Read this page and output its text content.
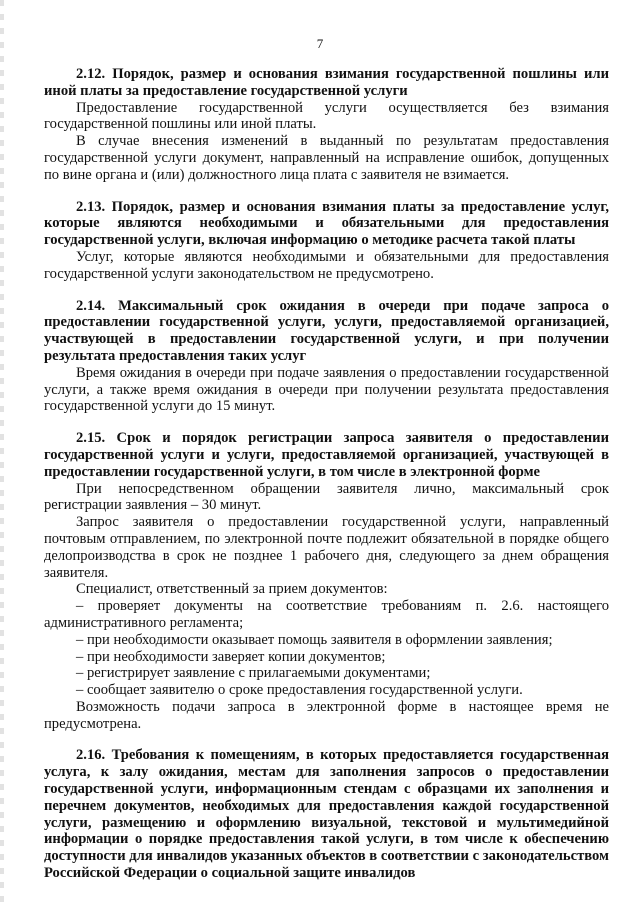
7

2.12. Порядок, размер и основания взимания государственной пошлины или иной платы за предоставление государственной услуги

Предоставление государственной услуги осуществляется без взимания государственной пошлины или иной платы.

В случае внесения изменений в выданный по результатам предоставления государственной услуги документ, направленный на исправление ошибок, допущенных по вине органа и (или) должностного лица плата с заявителя не взимается.

2.13. Порядок, размер и основания взимания платы за предоставление услуг, которые являются необходимыми и обязательными для предоставления государственной услуги, включая информацию о методике расчета такой платы

Услуг, которые являются необходимыми и обязательными для предоставления государственной услуги законодательством не предусмотрено.

2.14. Максимальный срок ожидания в очереди при подаче запроса о предоставлении государственной услуги, услуги, предоставляемой организацией, участвующей в предоставлении государственной услуги, и при получении результата предоставления таких услуг

Время ожидания в очереди при подаче заявления о предоставлении государственной услуги, а также время ожидания в очереди при получении результата предоставления государственной услуги до 15 минут.

2.15. Срок и порядок регистрации запроса заявителя о предоставлении государственной услуги и услуги, предоставляемой организацией, участвующей в предоставлении государственной услуги, в том числе в электронной форме

При непосредственном обращении заявителя лично, максимальный срок регистрации заявления – 30 минут.

Запрос заявителя о предоставлении государственной услуги, направленный почтовым отправлением, по электронной почте подлежит обязательной в порядке общего делопроизводства в срок не позднее 1 рабочего дня, следующего за днем обращения заявителя.

Специалист, ответственный за прием документов:

– проверяет документы на соответствие требованиям п. 2.6. настоящего административного регламента;

– при необходимости оказывает помощь заявителя в оформлении заявления;

– при необходимости заверяет копии документов;

– регистрирует заявление с прилагаемыми документами;

– сообщает заявителю о сроке предоставления государственной услуги.

Возможность подачи запроса в электронной форме в настоящее время не предусмотрена.

2.16. Требования к помещениям, в которых предоставляется государственная услуга, к залу ожидания, местам для заполнения запросов о предоставлении государственной услуги, информационным стендам с образцами их заполнения и перечнем документов, необходимых для предоставления каждой государственной услуги, размещению и оформлению визуальной, текстовой и мультимедийной информации о порядке предоставления такой услуги, в том числе к обеспечению доступности для инвалидов указанных объектов в соответствии с законодательством Российской Федерации о социальной защите инвалидов
